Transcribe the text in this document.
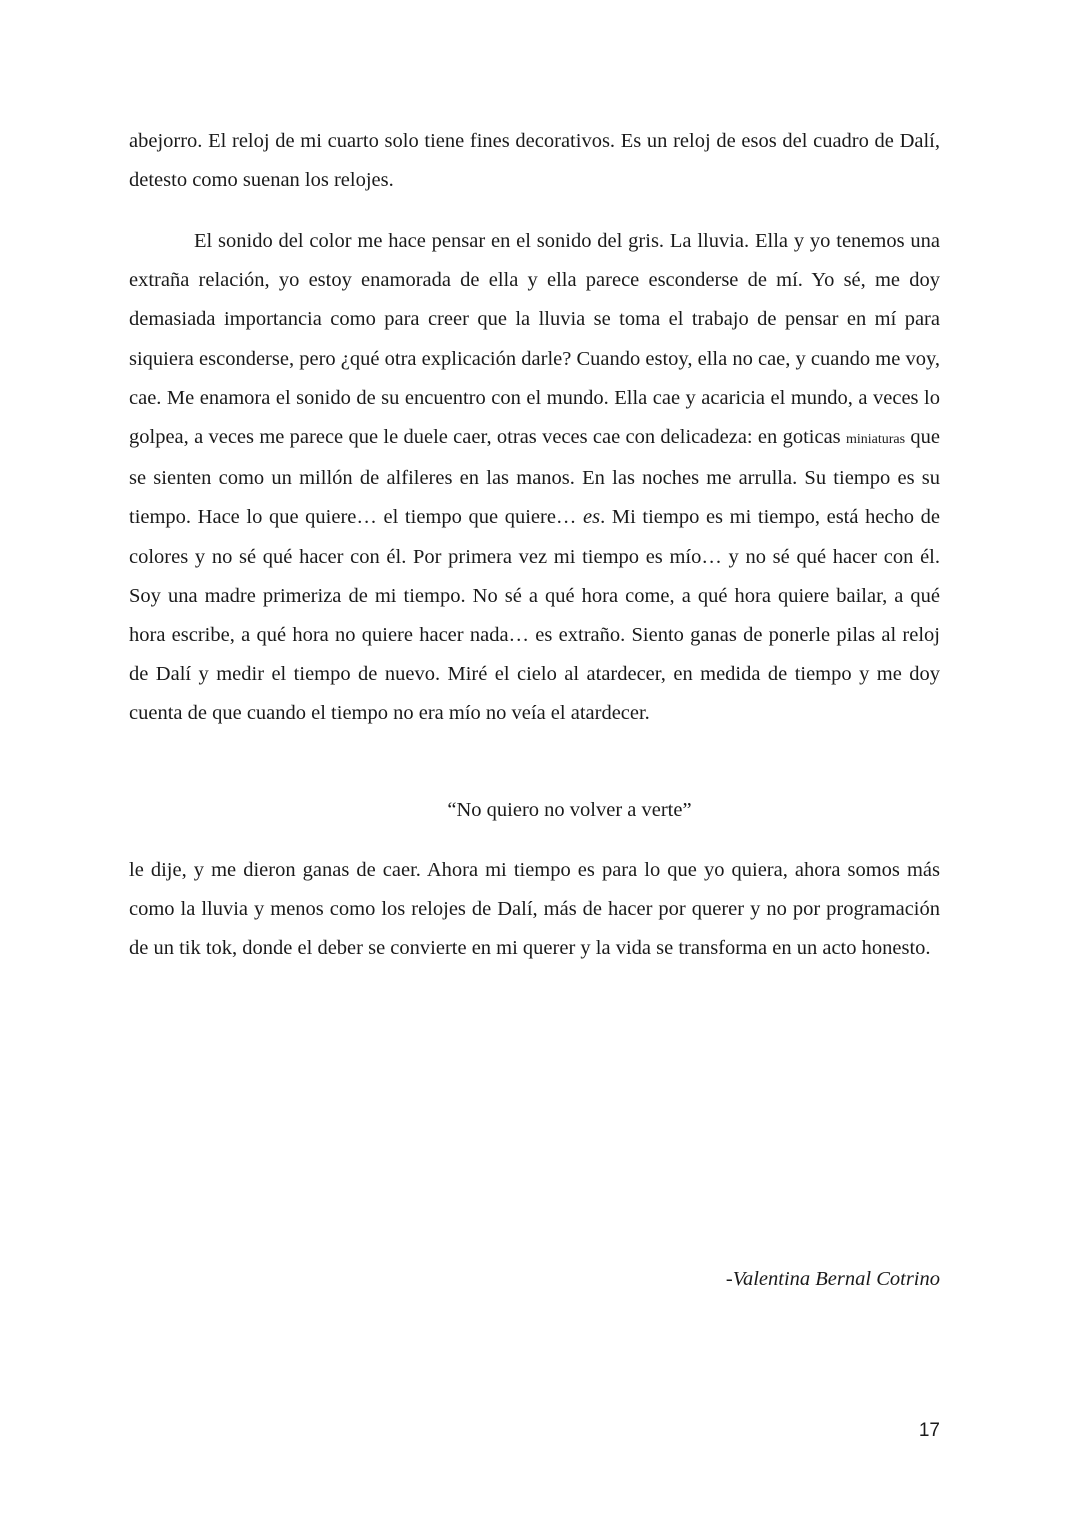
abejorro. El reloj de mi cuarto solo tiene fines decorativos. Es un reloj de esos del cuadro de Dalí, detesto como suenan los relojes.

El sonido del color me hace pensar en el sonido del gris. La lluvia. Ella y yo tenemos una extraña relación, yo estoy enamorada de ella y ella parece esconderse de mí. Yo sé, me doy demasiada importancia como para creer que la lluvia se toma el trabajo de pensar en mí para siquiera esconderse, pero ¿qué otra explicación darle? Cuando estoy, ella no cae, y cuando me voy, cae. Me enamora el sonido de su encuentro con el mundo. Ella cae y acaricia el mundo, a veces lo golpea, a veces me parece que le duele caer, otras veces cae con delicadeza: en goticas miniaturas que se sienten como un millón de alfileres en las manos. En las noches me arrulla. Su tiempo es su tiempo. Hace lo que quiere… el tiempo que quiere… es. Mi tiempo es mi tiempo, está hecho de colores y no sé qué hacer con él. Por primera vez mi tiempo es mío… y no sé qué hacer con él. Soy una madre primeriza de mi tiempo. No sé a qué hora come, a qué hora quiere bailar, a qué hora escribe, a qué hora no quiere hacer nada… es extraño. Siento ganas de ponerle pilas al reloj de Dalí y medir el tiempo de nuevo. Miré el cielo al atardecer, en medida de tiempo y me doy cuenta de que cuando el tiempo no era mío no veía el atardecer.

“No quiero no volver a verte”

le dije, y me dieron ganas de caer. Ahora mi tiempo es para lo que yo quiera, ahora somos más como la lluvia y menos como los relojes de Dalí, más de hacer por querer y no por programación de un tik tok, donde el deber se convierte en mi querer y la vida se transforma en un acto honesto.

-Valentina Bernal Cotrino

17
